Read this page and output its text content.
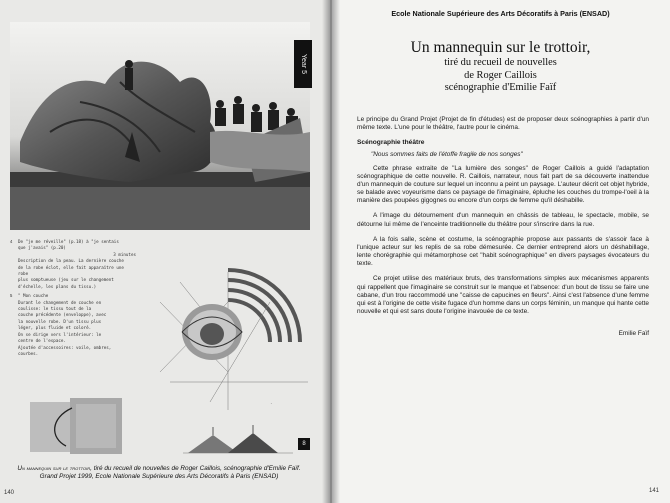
Year 5
4 De "je me réveille" (p.18) à "je sentais
que j'avais" (p.20)
3 minutes
Description de la peau. La dernière couche
de la robe éclot, elle fait apparaître une robe
plus somptueuse (jeu sur le changement
d'échelle, les plans du tissu.)
5 " Mon couche
Durant le changement de couche en
coulisse: le tissu tout de la
couche précédente (enveloppe), avec
la nouvelle robe. D'un tissu plus
léger, plus fluide et coloré.
On se dirige vers l'intérieur: le
centre de l'espace.
Ajoutée d'accessoires: voile, ombres,
courbes.
·
8
Un mannequin sur le trottoir, tiré du recueil de nouvelles de Roger Caillois, scénographie d'Emilie Faïf.
Grand Projet 1999, Ecole Nationale Supérieure des Arts Décoratifs à Paris (ENSAD)
140
Ecole Nationale Supérieure des Arts Décoratifs à Paris (ENSAD)
Un mannequin sur le trottoir,
tiré du recueil de nouvelles
de Roger Caillois
scénographie d'Emilie Faïf

Le principe du Grand Projet (Projet de fin d'études) est de proposer deux scénographies à partir d'un même texte. L'une pour le théâtre, l'autre pour le cinéma.

Scénographie théâtre

"Nous sommes faits de l'étoffe fragile de nos songes"

Cette phrase extraite de "La lumière des songes" de Roger Caillois a guidé l'adaptation scénographique de cette nouvelle. R. Caillois, narrateur, nous fait part de sa découverte inattendue d'un mannequin de couture sur lequel un inconnu a peint un paysage. L'auteur décrit cet objet hybride, se balade avec voyeurisme dans ce paysage de l'imaginaire, épluche les couches du trompe-l'oeil à la manière des poupées gigognes ou encore d'un corps de femme qu'il déshabille.

A l'image du détournement d'un mannequin en châssis de tableau, le spectacle, mobile, se détourne lui même de l'enceinte traditionnelle du théâtre pour s'inscrire dans la rue.

A la fois salle, scène et costume, la scénographie propose aux passants de s'assoir face à l'unique acteur sur les replis de sa robe démesurée. Ce dernier entreprend alors un déshabillage, lente chorégraphie qui métamorphose cet "habit scénographique" en divers paysages évocateurs du texte.

Ce projet utilise des matériaux bruts, des transformations simples aux mécanismes apparents qui rappellent que l'imaginaire se construit sur le manque et l'absence: d'un bout de tissu se faire une cabane, d'un trou raccommodé une "caisse de capucines en fleurs". Ainsi c'est l'absence d'une femme qui est à l'origine de cette visite fugace d'un homme dans un corps féminin, un manque qui hante cette nouvelle et qui est sans doute l'origine inavouée de ce texte.

Emilie Faïf
141
